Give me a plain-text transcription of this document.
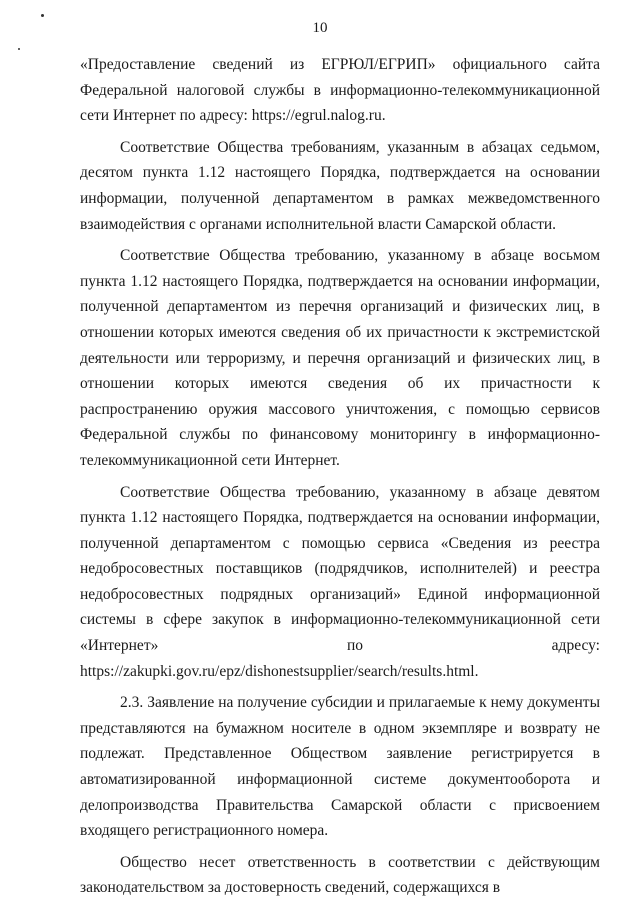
10

«Предоставление сведений из ЕГРЮЛ/ЕГРИП» официального сайта Федеральной налоговой службы в информационно-телекоммуникационной сети Интернет по адресу: https://egrul.nalog.ru.

Соответствие Общества требованиям, указанным в абзацах седьмом, десятом пункта 1.12 настоящего Порядка, подтверждается на основании информации, полученной департаментом в рамках межведомственного взаимодействия с органами исполнительной власти Самарской области.

Соответствие Общества требованию, указанному в абзаце восьмом пункта 1.12 настоящего Порядка, подтверждается на основании информации, полученной департаментом из перечня организаций и физических лиц, в отношении которых имеются сведения об их причастности к экстремистской деятельности или терроризму, и перечня организаций и физических лиц, в отношении которых имеются сведения об их причастности к распространению оружия массового уничтожения, с помощью сервисов Федеральной службы по финансовому мониторингу в информационно-телекоммуникационной сети Интернет.

Соответствие Общества требованию, указанному в абзаце девятом пункта 1.12 настоящего Порядка, подтверждается на основании информации, полученной департаментом с помощью сервиса «Сведения из реестра недобросовестных поставщиков (подрядчиков, исполнителей) и реестра недобросовестных подрядных организаций» Единой информационной системы в сфере закупок в информационно-телекоммуникационной сети «Интернет» по адресу: https://zakupki.gov.ru/epz/dishonestsupplier/search/results.html.

2.3. Заявление на получение субсидии и прилагаемые к нему документы представляются на бумажном носителе в одном экземпляре и возврату не подлежат. Представленное Обществом заявление регистрируется в автоматизированной информационной системе документооборота и делопроизводства Правительства Самарской области с присвоением входящего регистрационного номера.

Общество несет ответственность в соответствии с действующим законодательством за достоверность сведений, содержащихся в
